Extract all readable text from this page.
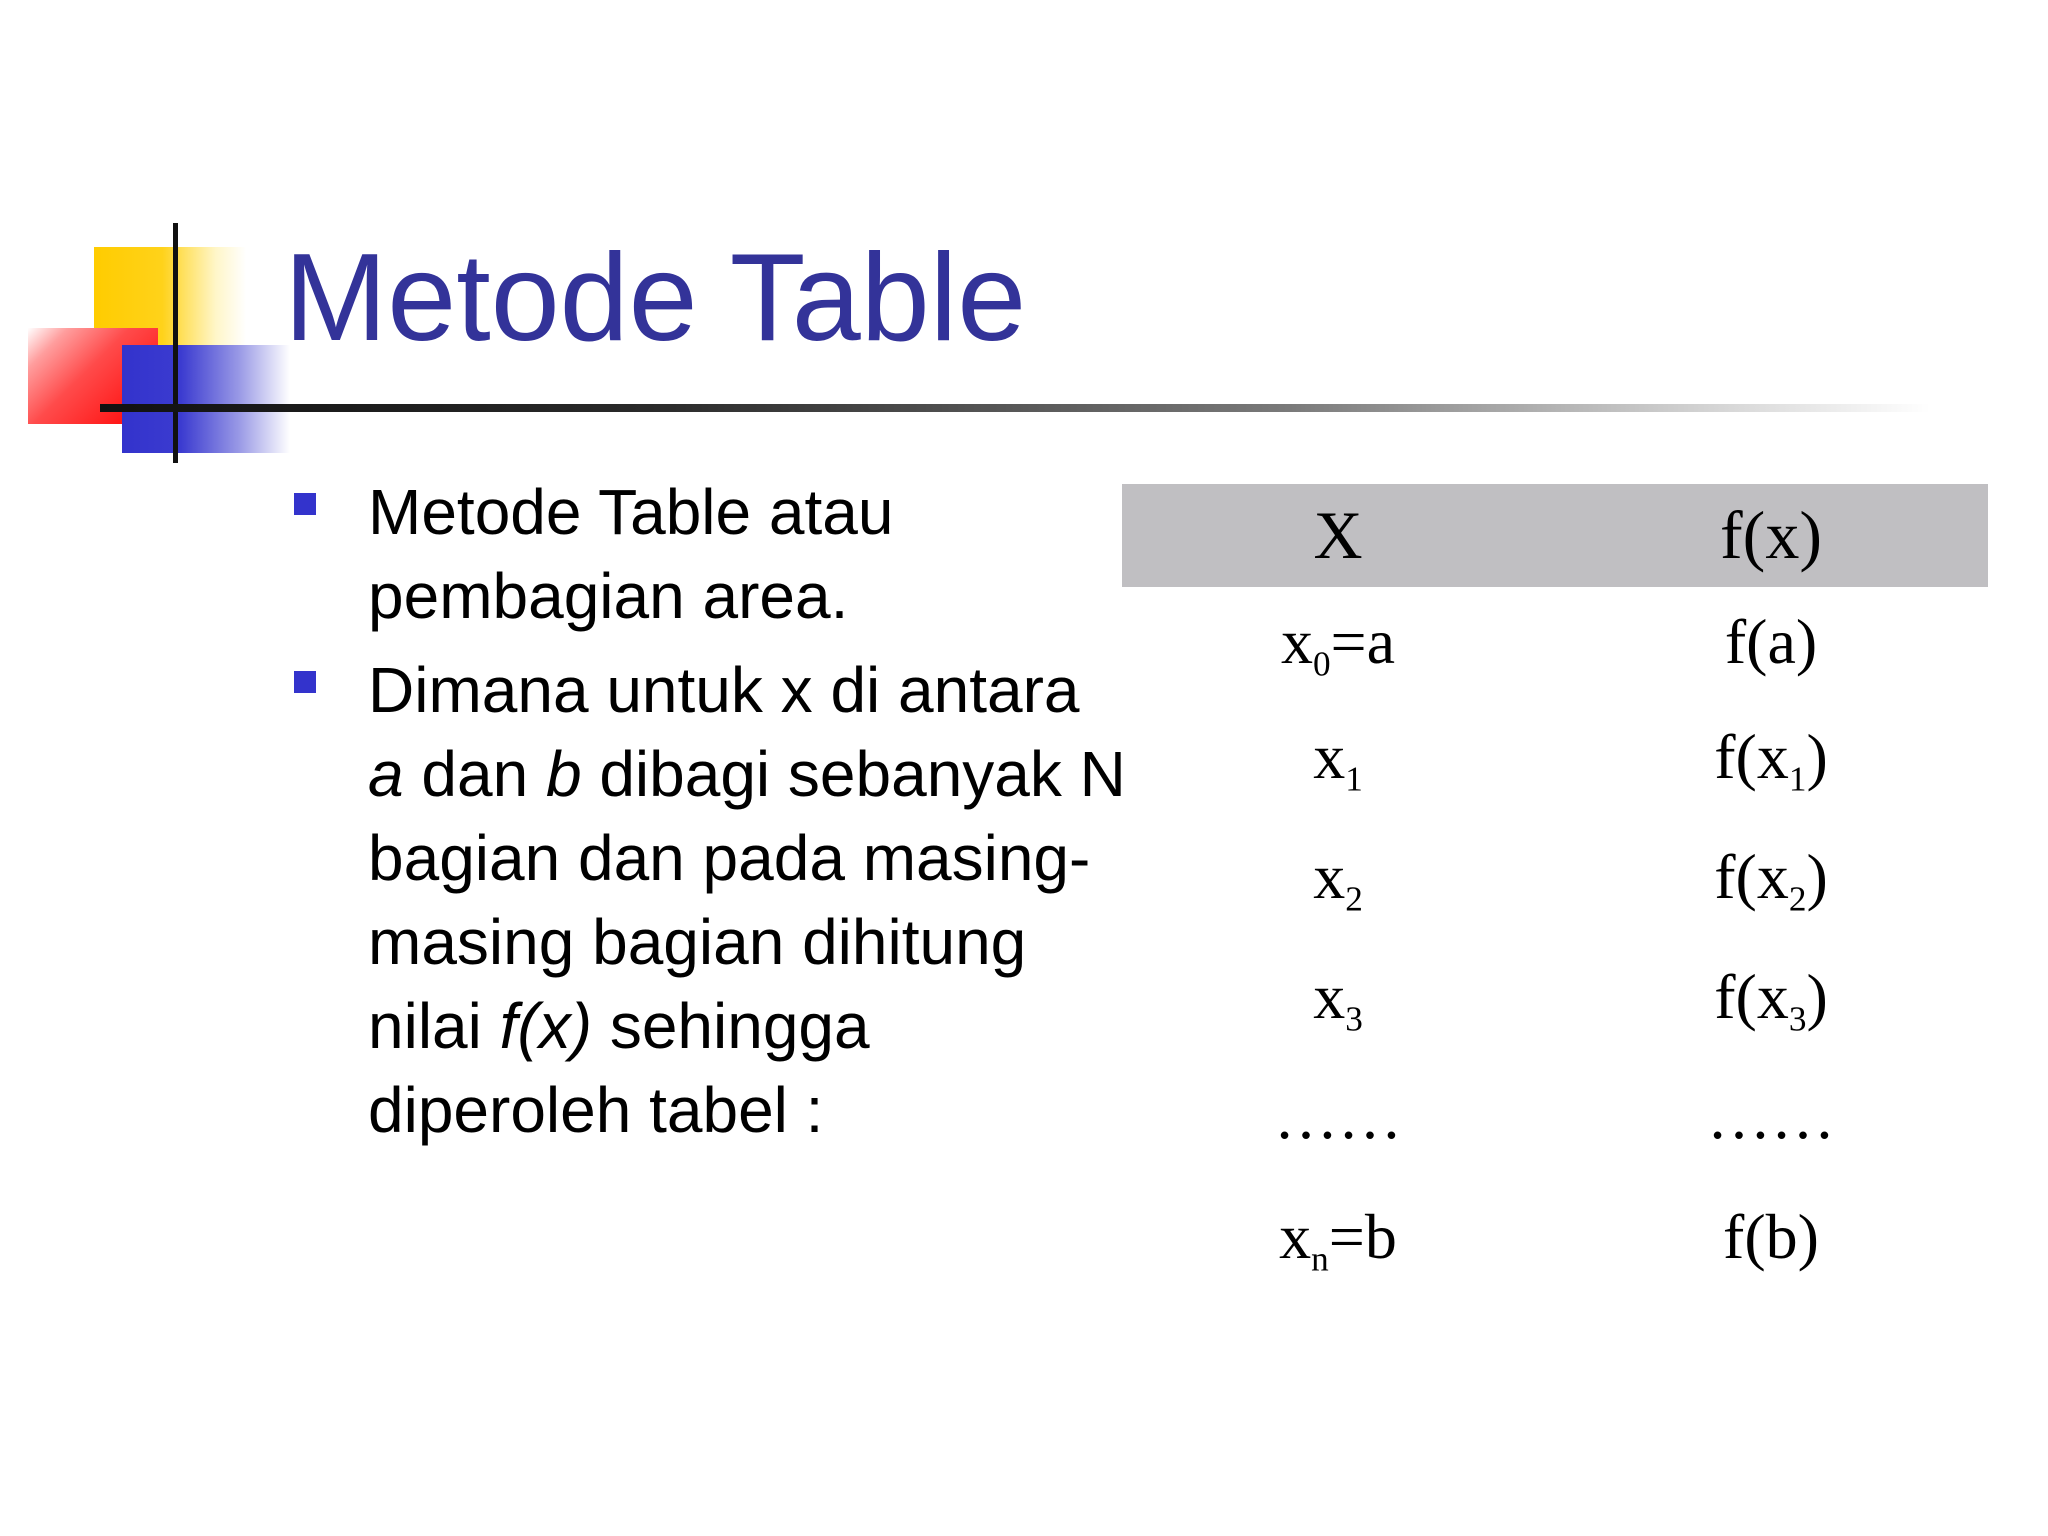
Metode Table
Metode Table atau pembagian area.
Dimana untuk x di antara a dan b dibagi sebanyak N bagian dan pada masing-masing bagian dihitung nilai f(x) sehingga diperoleh tabel :
X	f(x)
$x_0=a$	f(a)
$x_1$	$f(x_1)$
$x_2$	$f(x_2)$
$x_3$	$f(x_3)$
……	……
$x_n=b$	f(b)
